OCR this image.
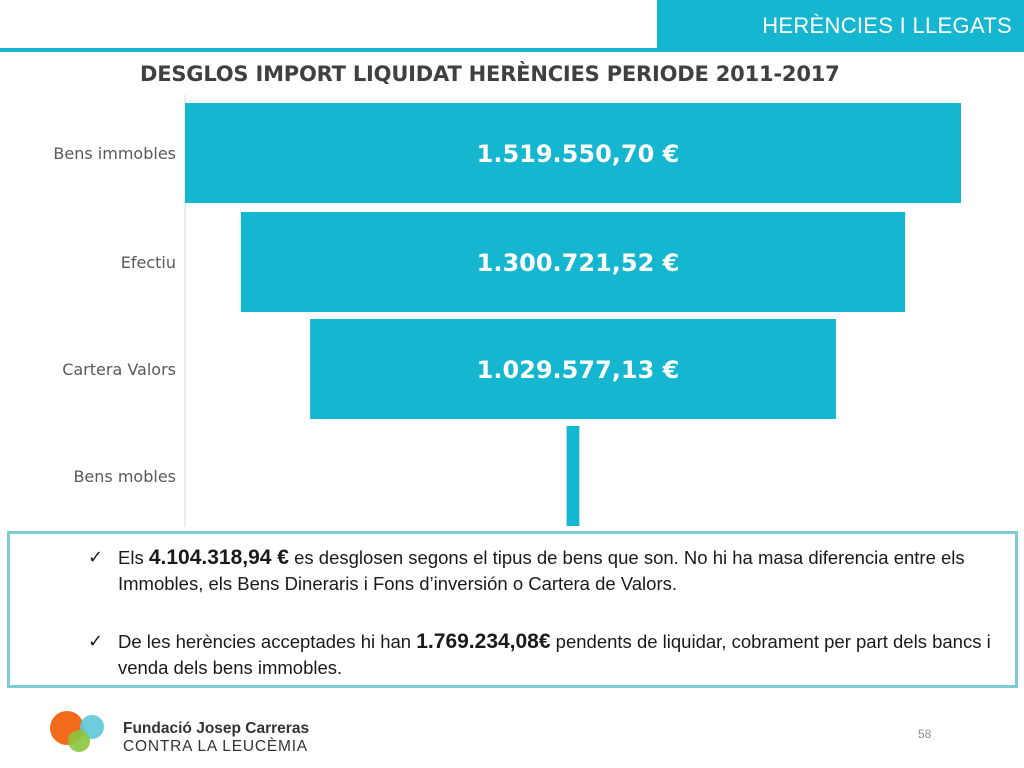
HERÈNCIES I LLEGATS
DESGLOS IMPORT LIQUIDAT HERÈNCIES PERIODE 2011-2017
Bens immobles	1.519.550,70 €
Efectiu	1.300.721,52 €
Cartera Valors	1.029.577,13 €
Bens mobles
✓ Els 4.104.318,94 € es desglosen segons el tipus de bens que son. No hi ha masa diferencia entre els Immobles, els Bens Dineraris i Fons d’inversión o Cartera de Valors.
✓ De les herències acceptades hi han 1.769.234,08€ pendents de liquidar, cobrament per part dels bancs i venda dels bens immobles.
Fundació Josep Carreras
CONTRA LA LEUCÈMIA
58
